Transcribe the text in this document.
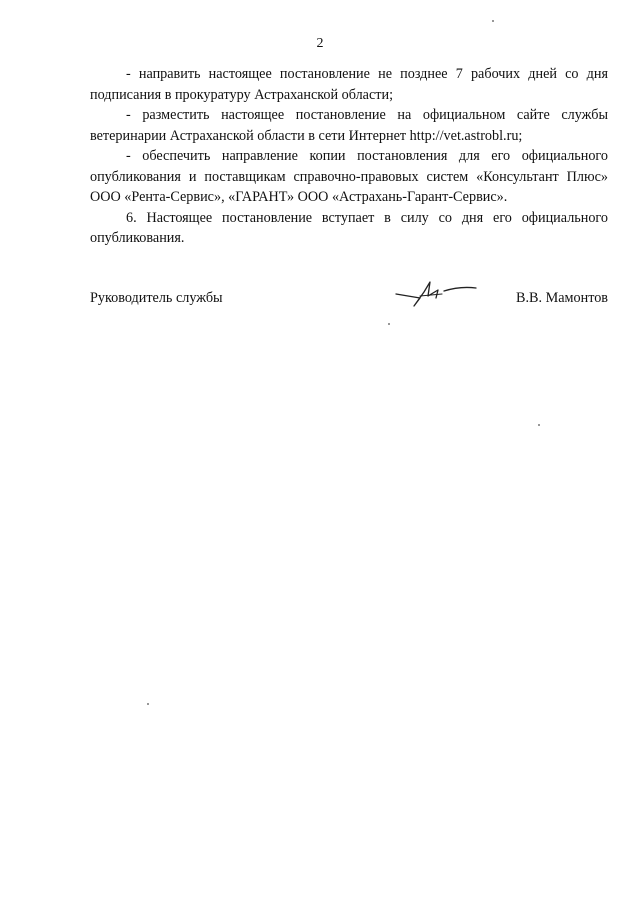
2

- направить настоящее постановление не позднее 7 рабочих дней со дня подписания в прокуратуру Астраханской области;

- разместить настоящее постановление на официальном сайте службы ветеринарии Астраханской области в сети Интернет http://vet.astrobl.ru;

- обеспечить направление копии постановления для его официального опубликования и поставщикам справочно-правовых систем «Консультант Плюс» ООО «Рента-Сервис», «ГАРАНТ» ООО «Астрахань-Гарант-Сервис».

6. Настоящее постановление вступает в силу со дня его официального опубликования.

Руководитель службы	В.В. Мамонтов
